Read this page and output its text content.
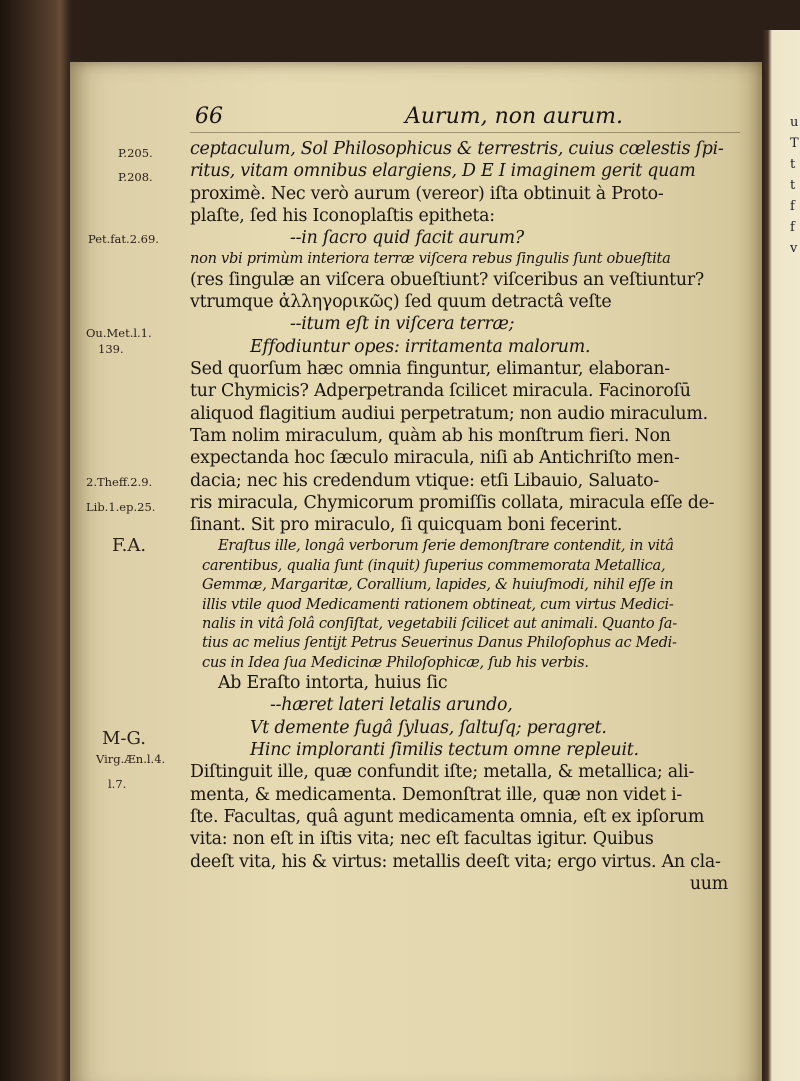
u
T
t
t
f
f
v
66	Aurum, non aurum.
P.205.
P.208.
Pet.fat.2.69.
Ou.Met.l.1.
139.
2.Theff.2.9.
Lib.1.ep.25.
F.A.
M-G.
Virg.Æn.l.4.
l.7.
ceptaculum, Sol Philosophicus & terrestris, cuius cœlestis ſpi-
ritus, vitam omnibus elargiens, D E I imaginem gerit quam
proximè. Nec verò aurum (vereor) iſta obtinuit à Proto-
plaſte, ſed his Iconoplaſtis epitheta:
--in ſacro quid facit aurum?
non vbi primùm interiora terræ viſcera rebus ſingulis ſunt obueſtita
(res ſingulæ an viſcera obueſtiunt? viſceribus an veſtiuntur?
vtrumque ἀλληγορικῶς) ſed quum detractâ veſte
--itum eſt in viſcera terræ;
Effodiuntur opes: irritamenta malorum.
Sed quorſum hæc omnia finguntur, elimantur, elaboran-
tur Chymicis? Adperpetranda ſcilicet miracula. Facinoroſū
aliquod flagitium audiui perpetratum; non audio miraculum.
Tam nolim miraculum, quàm ab his monſtrum fieri. Non
expectanda hoc ſæculo miracula, niſi ab Antichriſto men-
dacia; nec his credendum vtique: etſi Libauio, Saluato-
ris miracula, Chymicorum promiſſis collata, miracula eſſe de-
ſinant. Sit pro miraculo, ſi quicquam boni fecerint.
Eraſtus ille, longâ verborum ſerie demonſtrare contendit, in vitâ
carentibus, qualia ſunt (inquit) ſuperius commemorata Metallica,
Gemmæ, Margaritæ, Corallium, lapides, & huiuſmodi, nihil eſſe in
illis vtile quod Medicamenti rationem obtineat, cum virtus Medici-
nalis in vitâ ſolâ conſiſtat, vegetabili ſcilicet aut animali. Quanto ſa-
tius ac melius ſentijt Petrus Seuerinus Danus Philoſophus ac Medi-
cus in Idea ſua Medicinæ Philoſophicæ, ſub his verbis.
Ab Eraſto intorta, huius ſic
--hæret lateri letalis arundo,
Vt demente fugâ ſyluas, ſaltuſq; peragret.
Hinc imploranti ſimilis tectum omne repleuit.
Diſtinguit ille, quæ confundit iſte; metalla, & metallica; ali-
menta, & medicamenta. Demonſtrat ille, quæ non videt i-
ſte. Facultas, quâ agunt medicamenta omnia, eſt ex ipſorum
vita: non eſt in iſtis vita; nec eſt facultas igitur. Quibus
deeſt vita, his & virtus: metallis deeſt vita; ergo virtus. An cla-
uum
